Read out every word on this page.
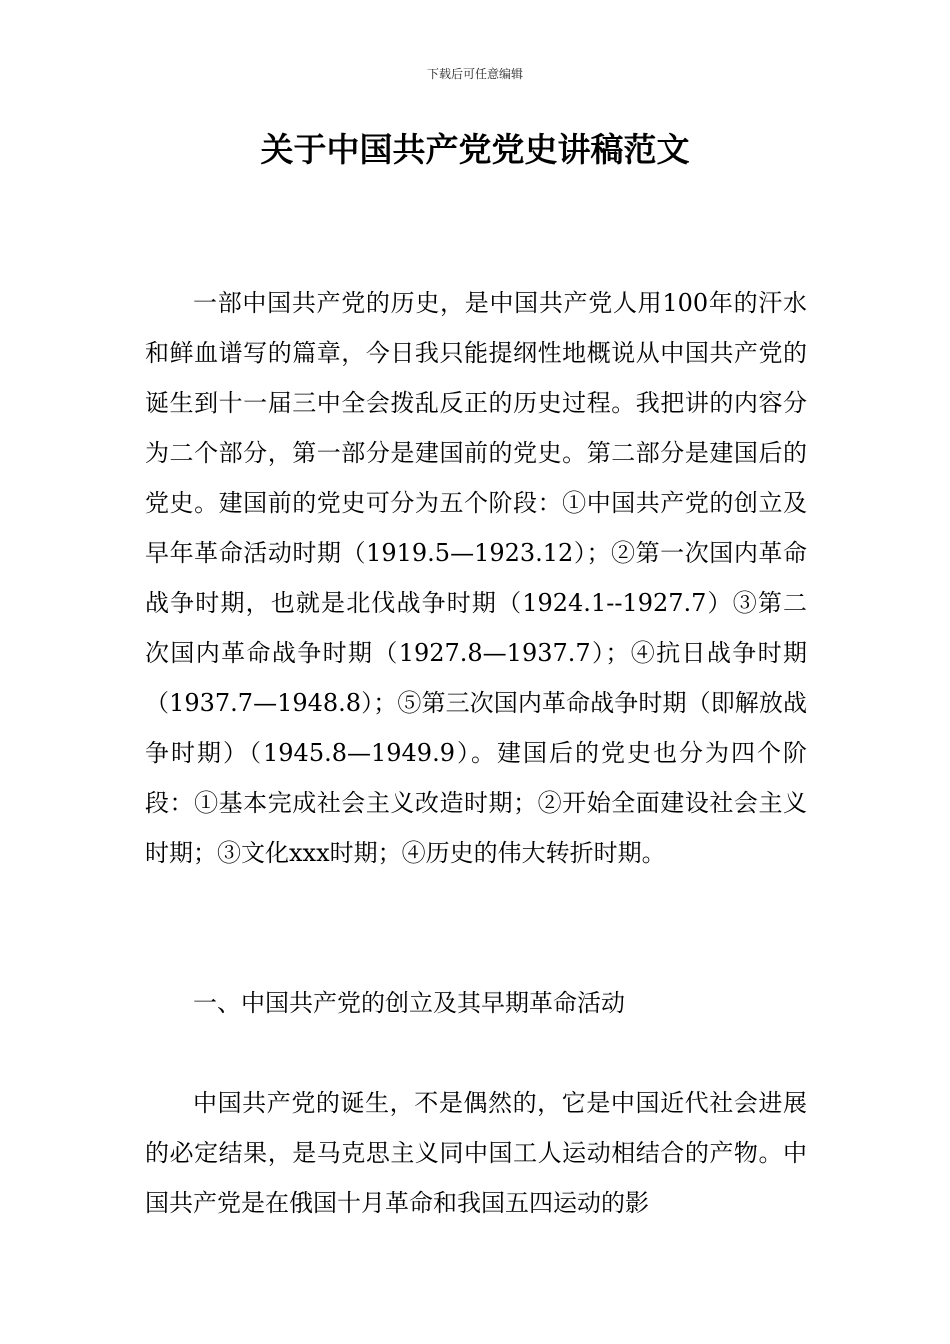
下载后可任意编辑
关于中国共产党党史讲稿范文

一部中国共产党的历史，是中国共产党人用100年的汗水和鲜血谱写的篇章，今日我只能提纲性地概说从中国共产党的诞生到十一届三中全会拨乱反正的历史过程。我把讲的内容分为二个部分，第一部分是建国前的党史。第二部分是建国后的党史。建国前的党史可分为五个阶段：①中国共产党的创立及早年革命活动时期（1919.5—1923.12）；②第一次国内革命战争时期，也就是北伐战争时期（1924.1--1927.7）③第二次国内革命战争时期（1927.8—1937.7）；④抗日战争时期（1937.7—1948.8）；⑤第三次国内革命战争时期（即解放战争时期）（1945.8—1949.9）。建国后的党史也分为四个阶段：①基本完成社会主义改造时期；②开始全面建设社会主义时期；③文化xxx时期；④历史的伟大转折时期。

一、中国共产党的创立及其早期革命活动

中国共产党的诞生，不是偶然的，它是中国近代社会进展的必定结果，是马克思主义同中国工人运动相结合的产物。中国共产党是在俄国十月革命和我国五四运动的影
